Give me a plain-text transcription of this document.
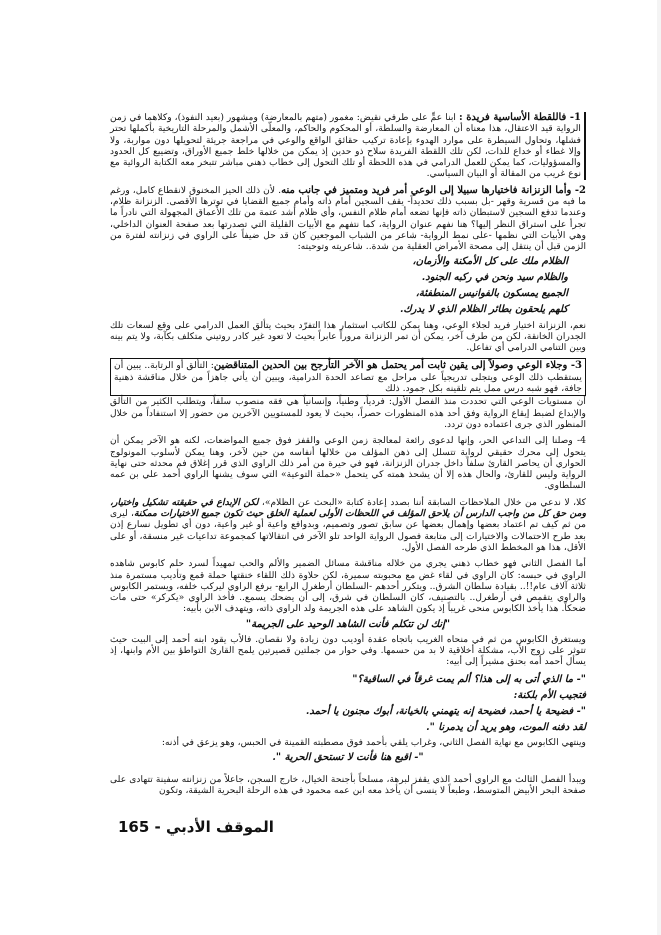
1- فاللقطة الأساسية فريدة : ابنا عمٍّ على طرفي نقيض: مغمور (متهم بالمعارضة) ومشهور (بعيد النفوذ)، وكلاهما في زمن الرواية قيد الاعتقال، هذا معناه أن المعارضة والسلطة، أو المحكوم والحاكم، والمعلّى الأشمل والمرحلة التاريخية بأكملها تحتر فشلها، وتحاول السيطرة على موارد الهدوء بإعادة تركيب حقائق الواقع والوعي في مراجعة جريئة لتحويلها دون مواربة، ولا وإلا غطاء أو خداع للذات، لكن تلك اللقطة الفريدة سلاح ذو حدين إذ يمكن من خلالها خلط جميع الأوراق، وتضييع كل الحدود والمسؤوليات، كما يمكن للعمل الدرامي في هذه اللحظة أو تلك التحول إلى خطاب ذهني مباشر تتبخر معه الكتابة الروائية مع نوع غريب من المقالة أو البيان السياسي.

2- وأما الزنزانة فاختيارها سبيلا إلى الوعي أمر فريد ومتميز في جانب منه. لأن ذلك الحيز المخنوق لانقطاع كامل، ورغم ما فيه من قسرية وقهر -بل بسبب ذلك تحديداً- يقف السجين أمام ذاته وأمام جميع القضايا في توترها الأقصى. الزنزانة ظلام، وعندما تدفع السجين لاستبطان ذاته فإنها تضعه أمام ظلام النفس، وأي ظلام أشد عتمة من تلك الأعماق المجهولة التي نادراً ما تجرأ على استراق النظر إليها؟ هنا نفهم عنوان الرواية، كما نتفهم مع الأبيات القليلة التي تصدرتها بعد صفحة العنوان الداخلي، وهي الأبيات التي نظمها -على نمط الرواية- شاعر من الشباب الموجعين كان قد حل ضيفاً على الراوي في زنزانته لفترة من الزمن قبل أن ينتقل إلى مصحة الأمراض العقلية من شدة.. شاعريته وتوحيته:

الظلام ملك على كل الأمكنة والأزمان،
والظلام سيد ونحن في ركبه الجنود.
الجميع يمسكون بالفوانيس المنطفئة،
كلهم يلحقون بطائر الظلام الذي لا يدرك.

نعم، الزنزانة اختيار فريد لجلاء الوعي، وهنا يمكن للكاتب استثمار هذا التفرّد بحيث يتألق العمل الدرامي على وقع لسعات تلك الجدران الخانقة، لكن من طرف آخر، يمكن أن تمر الزنزانة مروراً عابراً بحيث لا تعود غير كادر روتيني متكلف بكآبة، ولا يتم بينه وبين التنامي الدرامي أي تفاعل.

3- وجلاء الوعي وصولاً إلى يقين ثابت أمر يحتمل هو الآخر التأرجح بين الحدين المتناقضين: التألق أو الرتابة.. يبين أن يستقطب ذلك الوعي ويتجلى تدريجياً على مراحل مع تصاعد الحدة الدرامية، ويبين أن يأتي جاهزاً من خلال مناقشة ذهنية جافة، فهو شبه درس ممل يتم تلقينه بكل جمود. ذلك

أن مستويات الوعي التي تحددت منذ الفصل الأول: فردياً، وطنياً، وإنسانياً هي فقه منصوب سلفاً، ويتطلب الكثير من التألق والإبداع لضبط إيقاع الرواية وفق أحد هذه المنظورات حصراً، بحيث لا يعود للمستويين الآخرين من حضور إلا استنفاداً من خلال المنظور الذي جرى اعتماده دون تردد.

4- وصلنا إلى التداعي الحر، وإنها لدعوى رائعة لمعالجة زمن الوعي والقفز فوق جميع المواضعات، لكنه هو الآخر يمكن أن يتحول إلى محرك حقيقي لرواية تتسلل إلى ذهن المؤلف من خلالها أنفاسه من حين لآخر، وهنا يمكن لأسلوب المونولوج الحواري أن يحاصر القارئ سلفاً داخل جدران الزنزانة، فهو في حيرة من أمر ذلك الراوي الذي قرر إغلاق فم محدثه حتى نهاية الرواية وليس للقارئ، والحال هذه إلا أن يشحذ همته كي يتحمل «حملة التوعية» التي سوف يشنها الراوي أحمد علي بن عمه السلطاوي.

كلا، لا ندعي من خلال الملاحظات السابقة أننا بصدد إعادة كتابة «البحث عن الظلام»، لكن الإبداع في حقيقته تشكيل واختيار، ومن حق كل من واجب الدارس أن يلاحق المؤلف في اللحظات الأولى لعملية الخلق حيث تكون جميع الاختيارات ممكنة، ليرى من ثم كيف تم اعتماد بعضها وإهمال بعضها عن سابق تصور وتصميم، وبدوافع واعية أو غير واعية، دون أي تطويل نسارع إذن بعد طرح الاحتمالات والاختيارات إلى متابعة فصول الرواية الواحد تلو الآخر في انتقالاتها كمجموعة تداعيات غير منسقة، أو على الأقل، هذا هو المخطط الذي طرحه الفصل الأول.

أما الفصل الثاني فهو خطاب ذهني يجري من خلاله مناقشة مسائل الضمير والألم والحب تمهيداً لسرد حلم كابوس شاهده الراوي في حبسه: كان الراوي في لقاء غض مع محبوبته سميرة، لكن حلاوة ذلك اللقاء خنقتها حملة قمع وتأديب مستمرة منذ ثلاثة آلاف عام!!.. بقيادة سلطان الشرق.. ويتكرر أحدهم -السلطان أرطغرل الرابع- برفع الراوي ليركب خلفه، ويستمر الكابوس والراوي يتقمص في أرطغرل.. بالتصنيف، كان السلطان في شرق، إلى أن يضحك يسمع.. فأخذ الراوي «يكركر» حتى مات ضحكاً. هذا يأخذ الكابوس منحى غريباً إذ يكون الشاهد على هذه الجريمة ولد الراوي ذاته، ويتهدف الابن بأبيه:

"إنك لن تتكلم فأنت الشاهد الوحيد على الجريمة"

ويستغرق الكابوس من ثم في منحاه الغريب باتجاه عقدة أوديب دون زيادة ولا نقصان. فالأب يقود ابنه أحمد إلى البيت حيث تتوثر على زوج الأب، مشكلة أخلاقية لا بد من حسمها. وفي حوار من جملتين قصيرتين يلمح القارئ التواطؤ بين الأم وابنها، إذ يسأل أحمد أمه بحنق مشيراً إلى أبيه:

"- ما الذي أتى به إلى هذا؟ ألم يمت غرقاً في الساقية؟"
فتجيب الأم بلكنة:
"- فضيحة يا أحمد، فضيحة إنه يتهمني بالخيانة، أبوك مجنون يا أحمد.
لقد دفنه الموت، وهو يريد أن يدمرنا ".

وينتهي الكابوس مع نهاية الفصل الثاني، وغراب يلقي بأحمد فوق مصطبته القمينة في الحبس، وهو يزعق في أذنه:

"- اقبع هنا فأنت لا تستحق الحرية ".

ويبدأ الفصل الثالث مع الراوي أحمد الذي يقفز لبرهة، مسلحاً بأجنحة الخيال، خارج السجن، جاعلاً من زنزانته سفينة تتهادى على صفحة البحر الأبيض المتوسط، وطبعاً لا ينسى أن يأخذ معه ابن عمه محمود في هذه الرحلة البحرية الشيقة، وتكون

الموقف الأدبي - 165
